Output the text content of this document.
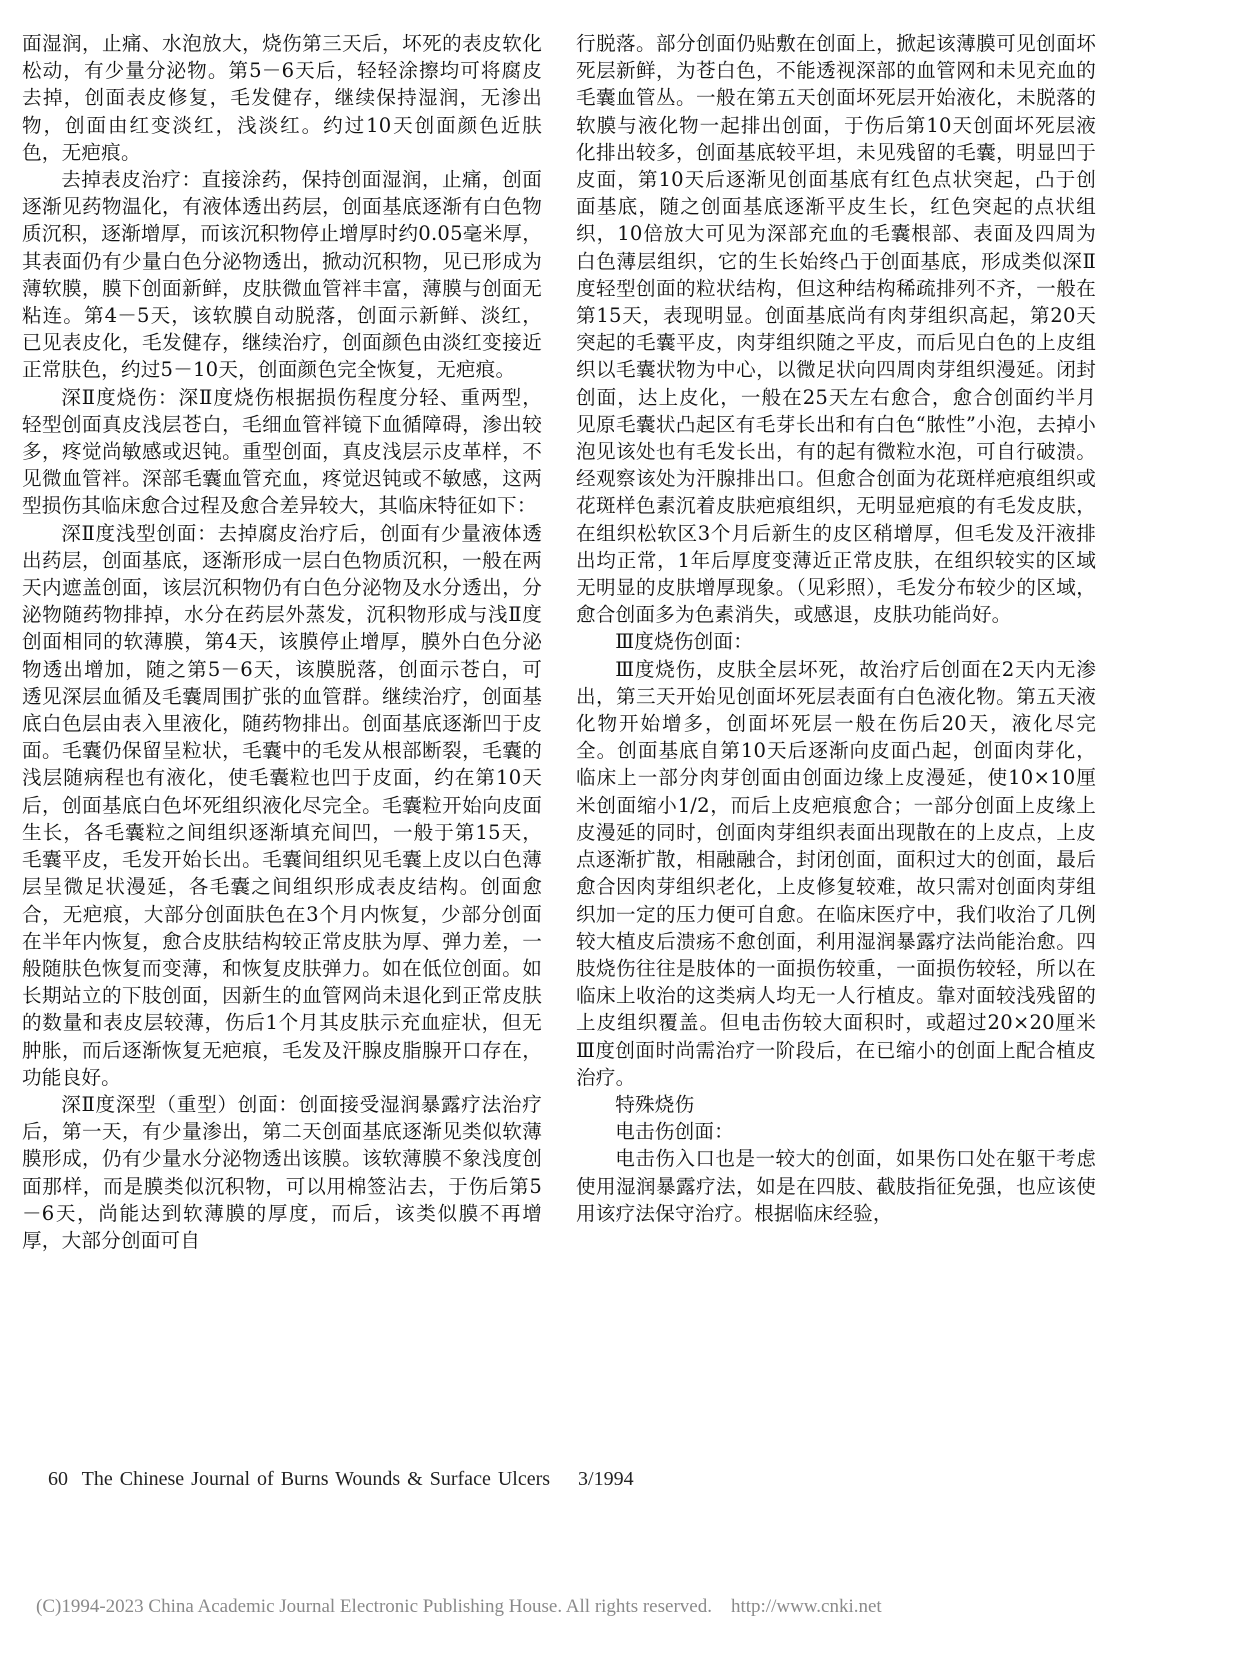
面湿润，止痛、水泡放大，烧伤第三天后，坏死的表皮软化松动，有少量分泌物。第5－6天后，轻轻涂擦均可将腐皮去掉，创面表皮修复，毛发健存，继续保持湿润，无渗出物，创面由红变淡红，浅淡红。约过10天创面颜色近肤色，无疤痕。

去掉表皮治疗：直接涂药，保持创面湿润，止痛，创面逐渐见药物温化，有液体透出药层，创面基底逐渐有白色物质沉积，逐渐增厚，而该沉积物停止增厚时约0.05毫米厚，其表面仍有少量白色分泌物透出，掀动沉积物，见已形成为薄软膜，膜下创面新鲜，皮肤微血管袢丰富，薄膜与创面无粘连。第4－5天，该软膜自动脱落，创面示新鲜、淡红，已见表皮化，毛发健存，继续治疗，创面颜色由淡红变接近正常肤色，约过5－10天，创面颜色完全恢复，无疤痕。

深Ⅱ度烧伤：深Ⅱ度烧伤根据损伤程度分轻、重两型，轻型创面真皮浅层苍白，毛细血管袢镜下血循障碍，渗出较多，疼觉尚敏感或迟钝。重型创面，真皮浅层示皮革样，不见微血管袢。深部毛囊血管充血，疼觉迟钝或不敏感，这两型损伤其临床愈合过程及愈合差异较大，其临床特征如下：

深Ⅱ度浅型创面：去掉腐皮治疗后，创面有少量液体透出药层，创面基底，逐渐形成一层白色物质沉积，一般在两天内遮盖创面，该层沉积物仍有白色分泌物及水分透出，分泌物随药物排掉，水分在药层外蒸发，沉积物形成与浅Ⅱ度创面相同的软薄膜，第4天，该膜停止增厚，膜外白色分泌物透出增加，随之第5－6天，该膜脱落，创面示苍白，可透见深层血循及毛囊周围扩张的血管群。继续治疗，创面基底白色层由表入里液化，随药物排出。创面基底逐渐凹于皮面。毛囊仍保留呈粒状，毛囊中的毛发从根部断裂，毛囊的浅层随病程也有液化，使毛囊粒也凹于皮面，约在第10天后，创面基底白色坏死组织液化尽完全。毛囊粒开始向皮面生长，各毛囊粒之间组织逐渐填充间凹，一般于第15天，毛囊平皮，毛发开始长出。毛囊间组织见毛囊上皮以白色薄层呈微足状漫延，各毛囊之间组织形成表皮结构。创面愈合，无疤痕，大部分创面肤色在3个月内恢复，少部分创面在半年内恢复，愈合皮肤结构较正常皮肤为厚、弹力差，一般随肤色恢复而变薄，和恢复皮肤弹力。如在低位创面。如长期站立的下肢创面，因新生的血管网尚未退化到正常皮肤的数量和表皮层较薄，伤后1个月其皮肤示充血症状，但无肿胀，而后逐渐恢复无疤痕，毛发及汗腺皮脂腺开口存在，功能良好。

深Ⅱ度深型（重型）创面：创面接受湿润暴露疗法治疗后，第一天，有少量渗出，第二天创面基底逐渐见类似软薄膜形成，仍有少量水分泌物透出该膜。该软薄膜不象浅度创面那样，而是膜类似沉积物，可以用棉签沾去，于伤后第5－6天，尚能达到软薄膜的厚度，而后，该类似膜不再增厚，大部分创面可自

行脱落。部分创面仍贴敷在创面上，掀起该薄膜可见创面坏死层新鲜，为苍白色，不能透视深部的血管网和未见充血的毛囊血管丛。一般在第五天创面坏死层开始液化，未脱落的软膜与液化物一起排出创面，于伤后第10天创面坏死层液化排出较多，创面基底较平坦，未见残留的毛囊，明显凹于皮面，第10天后逐渐见创面基底有红色点状突起，凸于创面基底，随之创面基底逐渐平皮生长，红色突起的点状组织，10倍放大可见为深部充血的毛囊根部、表面及四周为白色薄层组织，它的生长始终凸于创面基底，形成类似深Ⅱ度轻型创面的粒状结构，但这种结构稀疏排列不齐，一般在第15天，表现明显。创面基底尚有肉芽组织高起，第20天突起的毛囊平皮，肉芽组织随之平皮，而后见白色的上皮组织以毛囊状物为中心，以微足状向四周肉芽组织漫延。闭封创面，达上皮化，一般在25天左右愈合，愈合创面约半月见原毛囊状凸起区有毛芽长出和有白色“脓性”小泡，去掉小泡见该处也有毛发长出，有的起有微粒水泡，可自行破溃。经观察该处为汗腺排出口。但愈合创面为花斑样疤痕组织或花斑样色素沉着皮肤疤痕组织，无明显疤痕的有毛发皮肤，在组织松软区3个月后新生的皮区稍增厚，但毛发及汗液排出均正常，1年后厚度变薄近正常皮肤，在组织较实的区域无明显的皮肤增厚现象。（见彩照），毛发分布较少的区域，愈合创面多为色素消失，或感退，皮肤功能尚好。

Ⅲ度烧伤创面：

Ⅲ度烧伤，皮肤全层坏死，故治疗后创面在2天内无渗出，第三天开始见创面坏死层表面有白色液化物。第五天液化物开始增多，创面坏死层一般在伤后20天，液化尽完全。创面基底自第10天后逐渐向皮面凸起，创面肉芽化，临床上一部分肉芽创面由创面边缘上皮漫延，使10×10厘米创面缩小1/2，而后上皮疤痕愈合；一部分创面上皮缘上皮漫延的同时，创面肉芽组织表面出现散在的上皮点，上皮点逐渐扩散，相融融合，封闭创面，面积过大的创面，最后愈合因肉芽组织老化，上皮修复较难，故只需对创面肉芽组织加一定的压力便可自愈。在临床医疗中，我们收治了几例较大植皮后溃疡不愈创面，利用湿润暴露疗法尚能治愈。四肢烧伤往往是肢体的一面损伤较重，一面损伤较轻，所以在临床上收治的这类病人均无一人行植皮。靠对面较浅残留的上皮组织覆盖。但电击伤较大面积时，或超过20×20厘米Ⅲ度创面时尚需治疗一阶段后，在已缩小的创面上配合植皮治疗。

特殊烧伤

电击伤创面：

电击伤入口也是一较大的创面，如果伤口处在躯干考虑使用湿润暴露疗法，如是在四肢、截肢指征免强，也应该使用该疗法保守治疗。根据临床经验，

60 The Chinese Journal of Burns Wounds & Surface Ulcers 3/1994
(C)1994-2023 China Academic Journal Electronic Publishing House. All rights reserved.    http://www.cnki.net
